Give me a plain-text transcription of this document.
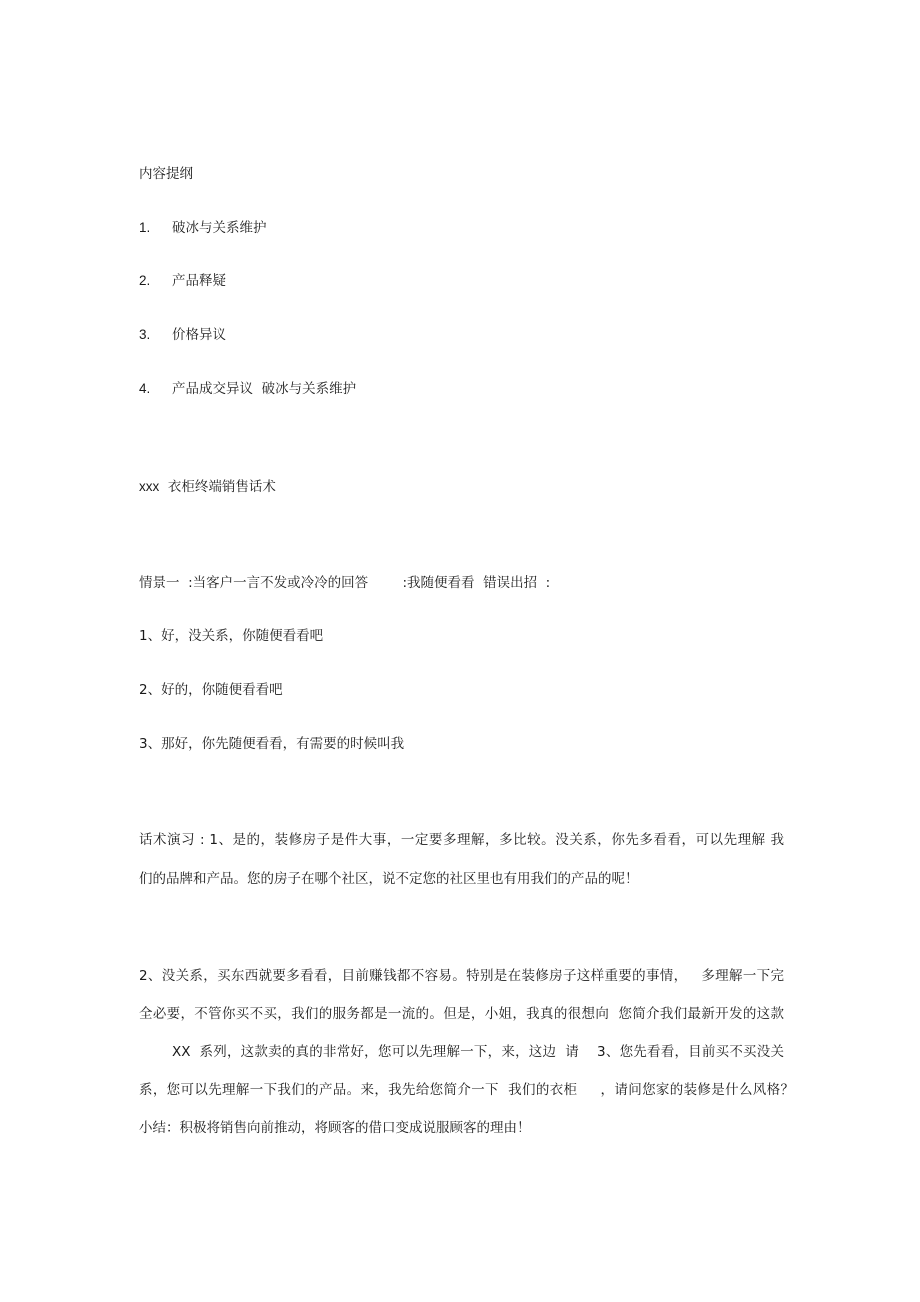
内容提纲
1. 破冰与关系维护
2. 产品释疑
3. 价格异议
4. 产品成交异议  破冰与关系维护
xxx 衣柜终端销售话术
情景一  :当客户一言不发或冷冷的回答        :我随便看看  错误出招  :
1、好，没关系，你随便看看吧
2、好的，你随便看看吧
3、那好，你先随便看看，有需要的时候叫我
话术演习 : 1、是的，装修房子是件大事，一定要多理解，多比较。没关系，你先多看看，可以先理解 我
们的品牌和产品。您的房子在哪个社区，说不定您的社区里也有用我们的产品的呢！
2、没关系，买东西就要多看看，目前赚钱都不容易。特别是在装修房子这样重要的事情，   多理解一下完
全必要，不管你买不买，我们的服务都是一流的。但是，小姐，我真的很想向  您简介我们最新开发的这款
XX  系列，这款卖的真的非常好，您可以先理解一下，来，这边  请    3、您先看看，目前买不买没关
系，您可以先理解一下我们的产品。来，我先给您简介一下  我们的衣柜     ，请问您家的装修是什么风格？
小结：积极将销售向前推动，将顾客的借口变成说服顾客的理由！
